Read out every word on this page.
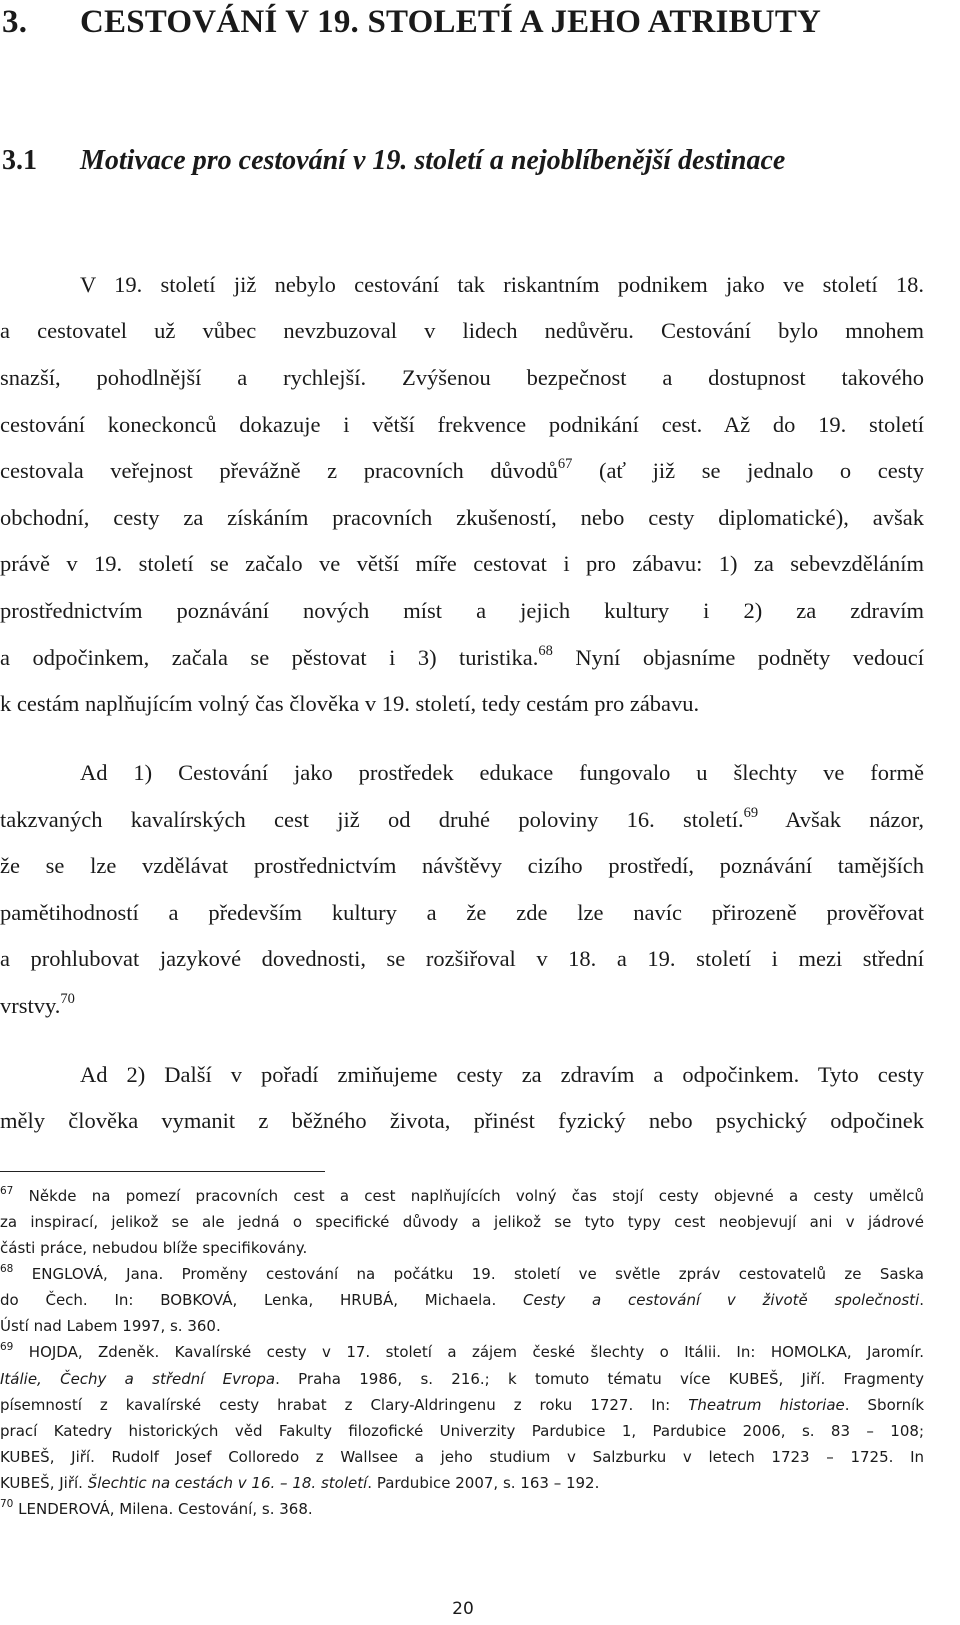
3. CESTOVÁNÍ V 19. STOLETÍ A JEHO ATRIBUTY
3.1 Motivace pro cestování v 19. století a nejoblíbenější destinace
V 19. století již nebylo cestování tak riskantním podnikem jako ve století 18.
a cestovatel už vůbec nevzbuzoval v lidech nedůvěru. Cestování bylo mnohem
snazší, pohodlnější a rychlejší. Zvýšenou bezpečnost a dostupnost takového
cestování koneckonců dokazuje i větší frekvence podnikání cest. Až do 19. století
cestovala veřejnost převážně z pracovních důvodů$^{67}$ (ať již se jednalo o cesty
obchodní, cesty za získáním pracovních zkušeností, nebo cesty diplomatické), avšak
právě v 19. století se začalo ve větší míře cestovat i pro zábavu: 1) za sebevzděláním
prostřednictvím poznávání nových míst a jejich kultury i 2) za zdravím
a odpočinkem, začala se pěstovat i 3) turistika.$^{68}$ Nyní objasníme podněty vedoucí
k cestám naplňujícím volný čas člověka v 19. století, tedy cestám pro zábavu.
Ad 1) Cestování jako prostředek edukace fungovalo u šlechty ve formě
takzvaných kavalírských cest již od druhé poloviny 16. století.$^{69}$ Avšak názor,
že se lze vzdělávat prostřednictvím návštěvy cizího prostředí, poznávání tamějších
pamětihodností a především kultury a že zde lze navíc přirozeně prověřovat
a prohlubovat jazykové dovednosti, se rozšiřoval v 18. a 19. století i mezi střední
vrstvy.$^{70}$
Ad 2) Další v pořadí zmiňujeme cesty za zdravím a odpočinkem. Tyto cesty
měly člověka vymanit z běžného života, přinést fyzický nebo psychický odpočinek
$^{67}$ Někde na pomezí pracovních cest a cest naplňujících volný čas stojí cesty objevné a cesty umělců
za inspirací, jelikož se ale jedná o specifické důvody a jelikož se tyto typy cest neobjevují ani v jádrové
části práce, nebudou blíže specifikovány.
$^{68}$ ENGLOVÁ, Jana. Proměny cestování na počátku 19. století ve světle zpráv cestovatelů ze Saska
do Čech. In: BOBKOVÁ, Lenka, HRUBÁ, Michaela. Cesty a cestování v životě společnosti.
Ústí nad Labem 1997, s. 360.
$^{69}$ HOJDA, Zdeněk. Kavalírské cesty v 17. století a zájem české šlechty o Itálii. In: HOMOLKA, Jaromír.
Itálie, Čechy a střední Evropa. Praha 1986, s. 216.; k tomuto tématu více KUBEŠ, Jiří. Fragmenty
písemností z kavalírské cesty hrabat z Clary-Aldringenu z roku 1727. In: Theatrum historiae. Sborník
prací Katedry historických věd Fakulty filozofické Univerzity Pardubice 1, Pardubice 2006, s. 83 – 108;
KUBEŠ, Jiří. Rudolf Josef Colloredo z Wallsee a jeho studium v Salzburku v letech 1723 – 1725. In
KUBEŠ, Jiří. Šlechtic na cestách v 16. – 18. století. Pardubice 2007, s. 163 – 192.
$^{70}$ LENDEROVÁ, Milena. Cestování, s. 368.
20
